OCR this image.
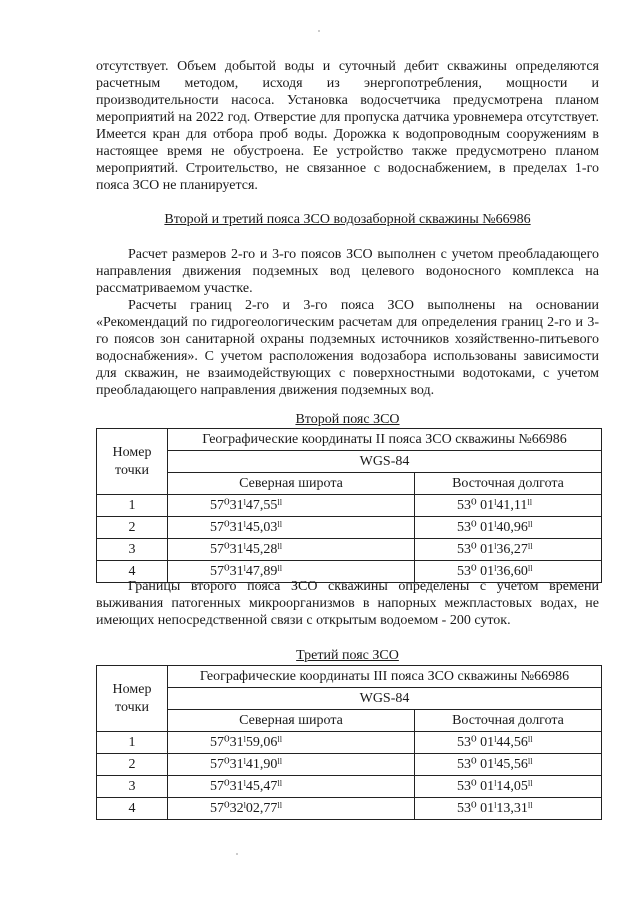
отсутствует. Объем добытой воды и суточный дебит скважины определяются расчетным методом, исходя из энергопотребления, мощности и производительности насоса. Установка водосчетчика предусмотрена планом мероприятий на 2022 год. Отверстие для пропуска датчика уровнемера отсутствует. Имеется кран для отбора проб воды. Дорожка к водопроводным сооружениям в настоящее время не обустроена. Ее устройство также предусмотрено планом мероприятий. Строительство, не связанное с водоснабжением, в пределах 1-го пояса ЗСО не планируется.

Второй и третий пояса ЗСО водозаборной скважины №66986

Расчет размеров 2-го и 3-го поясов ЗСО выполнен с учетом преобладающего направления движения подземных вод целевого водоносного комплекса на рассматриваемом участке.

Расчеты границ 2-го и 3-го пояса ЗСО выполнены на основании «Рекомендаций по гидрогеологическим расчетам для определения границ 2-го и 3-го поясов зон санитарной охраны подземных источников хозяйственно-питьевого водоснабжения». С учетом расположения водозабора использованы зависимости для скважин, не взаимодействующих с поверхностными водотоками, с учетом преобладающего направления движения подземных вод.

Второй пояс ЗСО
Номер точки	Географические координаты II пояса ЗСО скважины №66986	
	WGS-84	
	Северная широта	Восточная долгота
1	57⁰31ˡ47,55ˡˡ	53⁰ 01ˡ41,11ˡˡ
2	57⁰31ˡ45,03ˡˡ	53⁰ 01ˡ40,96ˡˡ
3	57⁰31ˡ45,28ˡˡ	53⁰ 01ˡ36,27ˡˡ
4	57⁰31ˡ47,89ˡˡ	53⁰ 01ˡ36,60ˡˡ
Границы второго пояса ЗСО скважины определены с учетом времени выживания патогенных микроорганизмов в напорных межпластовых водах, не имеющих непосредственной связи с открытым водоемом - 200 суток.
Третий пояс ЗСО
Номер точки	Географические координаты III пояса ЗСО скважины №66986	
	WGS-84	
	Северная широта	Восточная долгота
1	57⁰31ˡ59,06ˡˡ	53⁰ 01ˡ44,56ˡˡ
2	57⁰31ˡ41,90ˡˡ	53⁰ 01ˡ45,56ˡˡ
3	57⁰31ˡ45,47ˡˡ	53⁰ 01ˡ14,05ˡˡ
4	57⁰32ˡ02,77ˡˡ	53⁰ 01ˡ13,31ˡˡ
